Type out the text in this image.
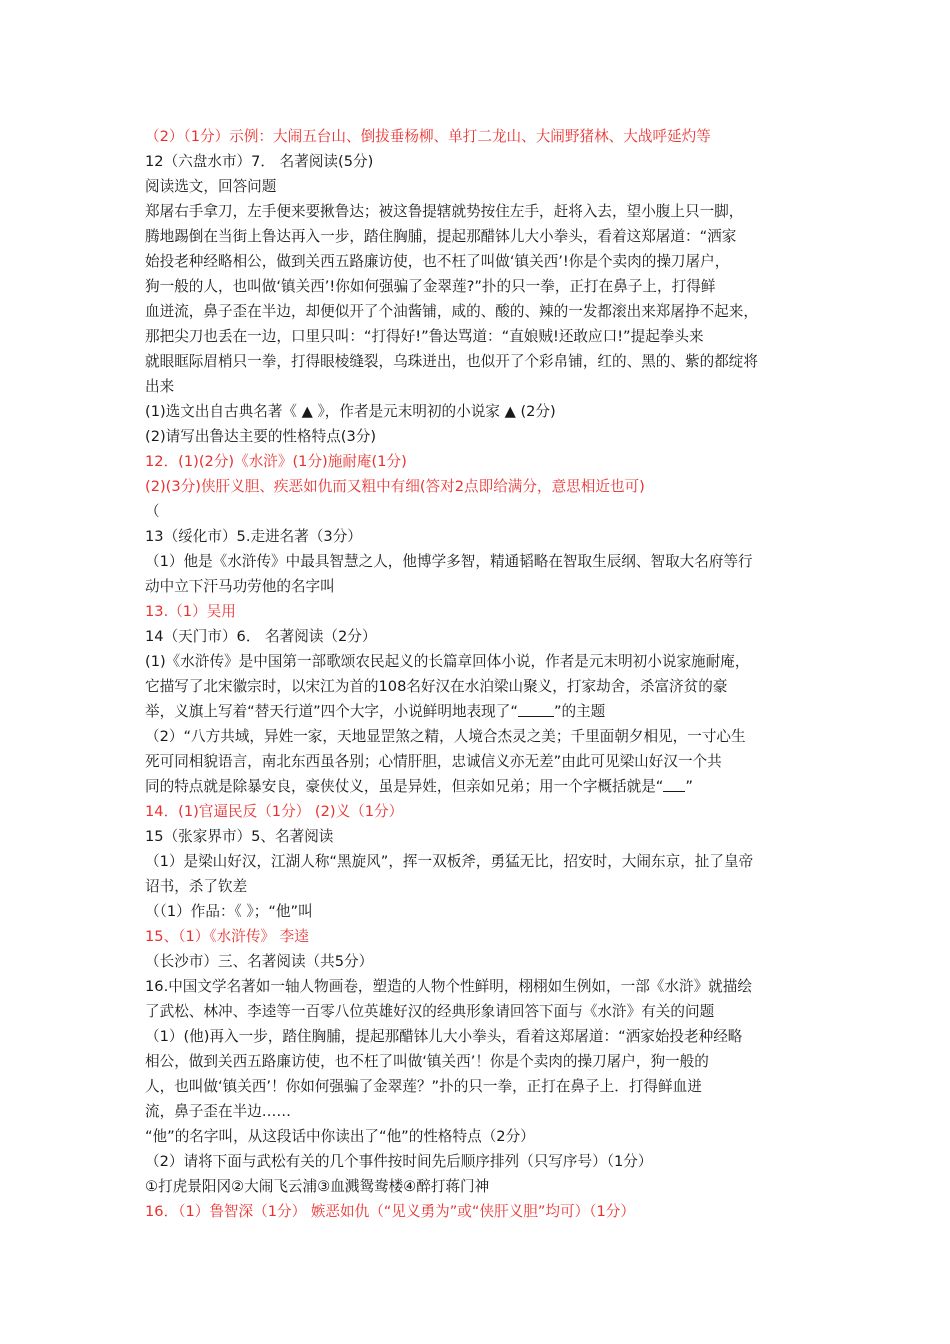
（2）（1分）示例：大闹五台山、倒拔垂杨柳、单打二龙山、大闹野猪林、大战呼延灼等
12（六盘水市）7． 名著阅读(5分)
阅读选文，回答问题
郑屠右手拿刀，左手便来要揪鲁达；被这鲁提辖就势按住左手，赶将入去，望小腹上只一脚，
腾地踢倒在当街上鲁达再入一步，踏住胸脯，提起那醋钵儿大小拳头，看着这郑屠道：“洒家
始投老种经略相公，做到关西五路廉访使，也不枉了叫做‘镇关西’!你是个卖肉的操刀屠户，
狗一般的人，也叫做‘镇关西’!你如何强骗了金翠莲?”扑的只一拳，正打在鼻子上，打得鲜
血迸流，鼻子歪在半边，却便似开了个油酱铺，咸的、酸的、辣的一发都滚出来郑屠挣不起来，
那把尖刀也丢在一边，口里只叫：“打得好!”鲁达骂道：“直娘贼!还敢应口!”提起拳头来
就眼眶际眉梢只一拳，打得眼棱缝裂，乌珠迸出，也似开了个彩帛铺，红的、黑的、紫的都绽将
出来
(1)选文出自古典名著《 ▲ 》，作者是元末明初的小说家 ▲ (2分)
(2)请写出鲁达主要的性格特点(3分)
12．(1)(2分)《水浒》(1分)施耐庵(1分)
(2)(3分)侠肝义胆、疾恶如仇而又粗中有细(答对2点即给满分，意思相近也可)
（
13（绥化市）5.走进名著（3分）
（1）他是《水浒传》中最具智慧之人，他博学多智，精通韬略在智取生辰纲、智取大名府等行
动中立下汗马功劳他的名字叫
13.（1）吴用
14（天门市）6． 名著阅读（2分）
(1)《水浒传》是中国第一部歌颂农民起义的长篇章回体小说，作者是元末明初小说家施耐庵，
它描写了北宋徽宗时，以宋江为首的108名好汉在水泊梁山聚义，打家劫舍，杀富济贫的豪
举，义旗上写着“替天行道”四个大字，小说鲜明地表现了“ ”的主题
（2）“八方共域，异姓一家，天地显罡煞之精，人境合杰灵之美；千里面朝夕相见，一寸心生
死可同相貌语言，南北东西虽各别；心情肝胆，忠诚信义亦无差”由此可见梁山好汉一个共
同的特点就是除暴安良，豪侠仗义，虽是异姓，但亲如兄弟；用一个字概括就是“ ”
14．(1)官逼民反（1分） (2)义（1分）
15（张家界市）5、名著阅读
（1）是梁山好汉，江湖人称“黑旋风”，挥一双板斧，勇猛无比，招安时，大闹东京，扯了皇帝
诏书，杀了钦差
（（1）作品：《 》；“他”叫
15、（1）《水浒传》 李逵
（长沙市）三、名著阅读（共5分）
16.中国文学名著如一轴人物画卷，塑造的人物个性鲜明，栩栩如生例如，一部《水浒》就描绘
了武松、林冲、李逵等一百零八位英雄好汉的经典形象请回答下面与《水浒》有关的问题
（1）(他)再入一步，踏住胸脯，提起那醋钵儿大小拳头，看着这郑屠道：“洒家始投老种经略
相公，做到关西五路廉访使，也不枉了叫做‘镇关西’！你是个卖肉的操刀屠户，狗一般的
人，也叫做‘镇关西’！你如何强骗了金翠莲？”扑的只一拳，正打在鼻子上．打得鲜血迸
流，鼻子歪在半边……
“他”的名字叫，从这段话中你读出了“他”的性格特点（2分）
（2）请将下面与武松有关的几个事件按时间先后顺序排列（只写序号）（1分）
①打虎景阳冈②大闹飞云浦③血溅鸳鸯楼④醉打蒋门神
16．（1）鲁智深（1分） 嫉恶如仇（“见义勇为”或“侠肝义胆”均可）（1分）
